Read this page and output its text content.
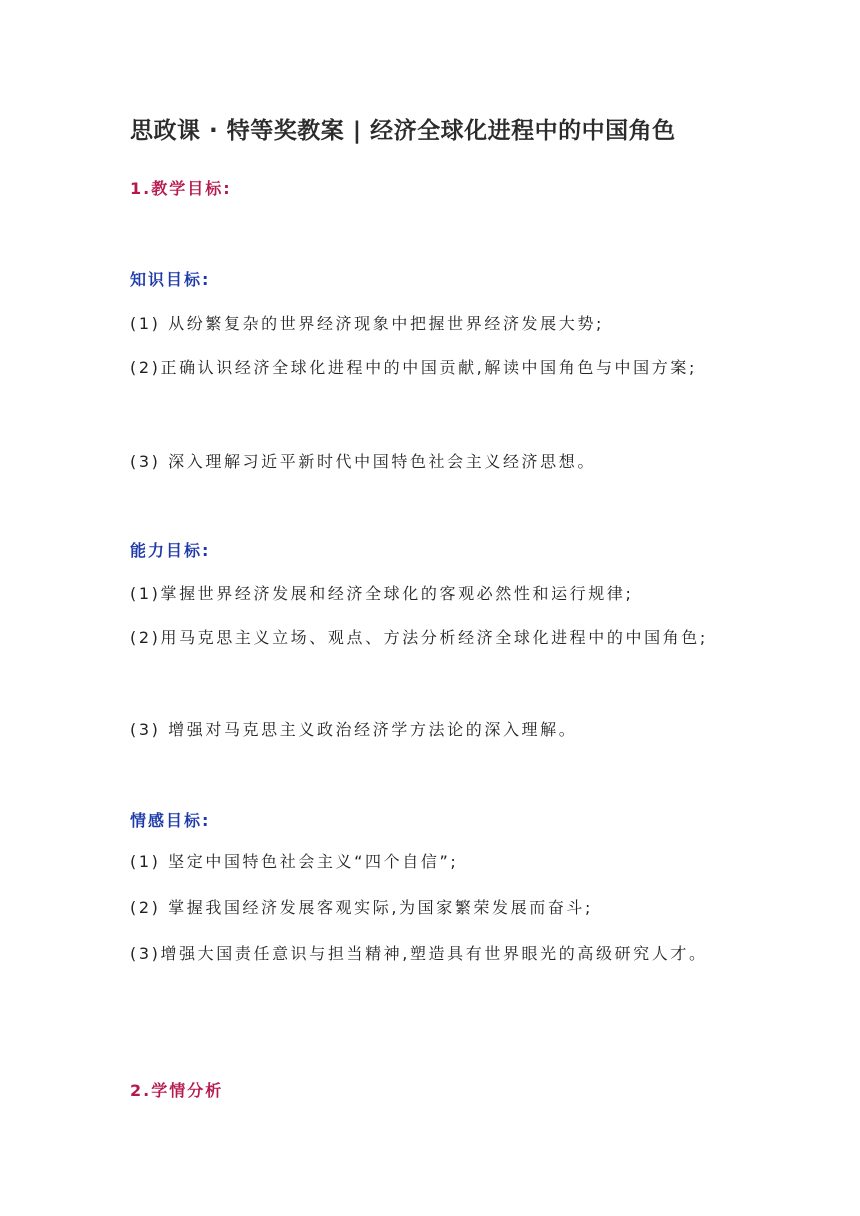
思政课 · 特等奖教案 | 经济全球化进程中的中国角色
1.教学目标:
知识目标:
(1) 从纷繁复杂的世界经济现象中把握世界经济发展大势;
(2)正确认识经济全球化进程中的中国贡献,解读中国角色与中国方案;
(3) 深入理解习近平新时代中国特色社会主义经济思想。
能力目标:
(1)掌握世界经济发展和经济全球化的客观必然性和运行规律;
(2)用马克思主义立场、观点、方法分析经济全球化进程中的中国角色;
(3) 增强对马克思主义政治经济学方法论的深入理解。
情感目标:
(1) 坚定中国特色社会主义“四个自信”;
(2) 掌握我国经济发展客观实际,为国家繁荣发展而奋斗;
(3)增强大国责任意识与担当精神,塑造具有世界眼光的高级研究人才。
2.学情分析
